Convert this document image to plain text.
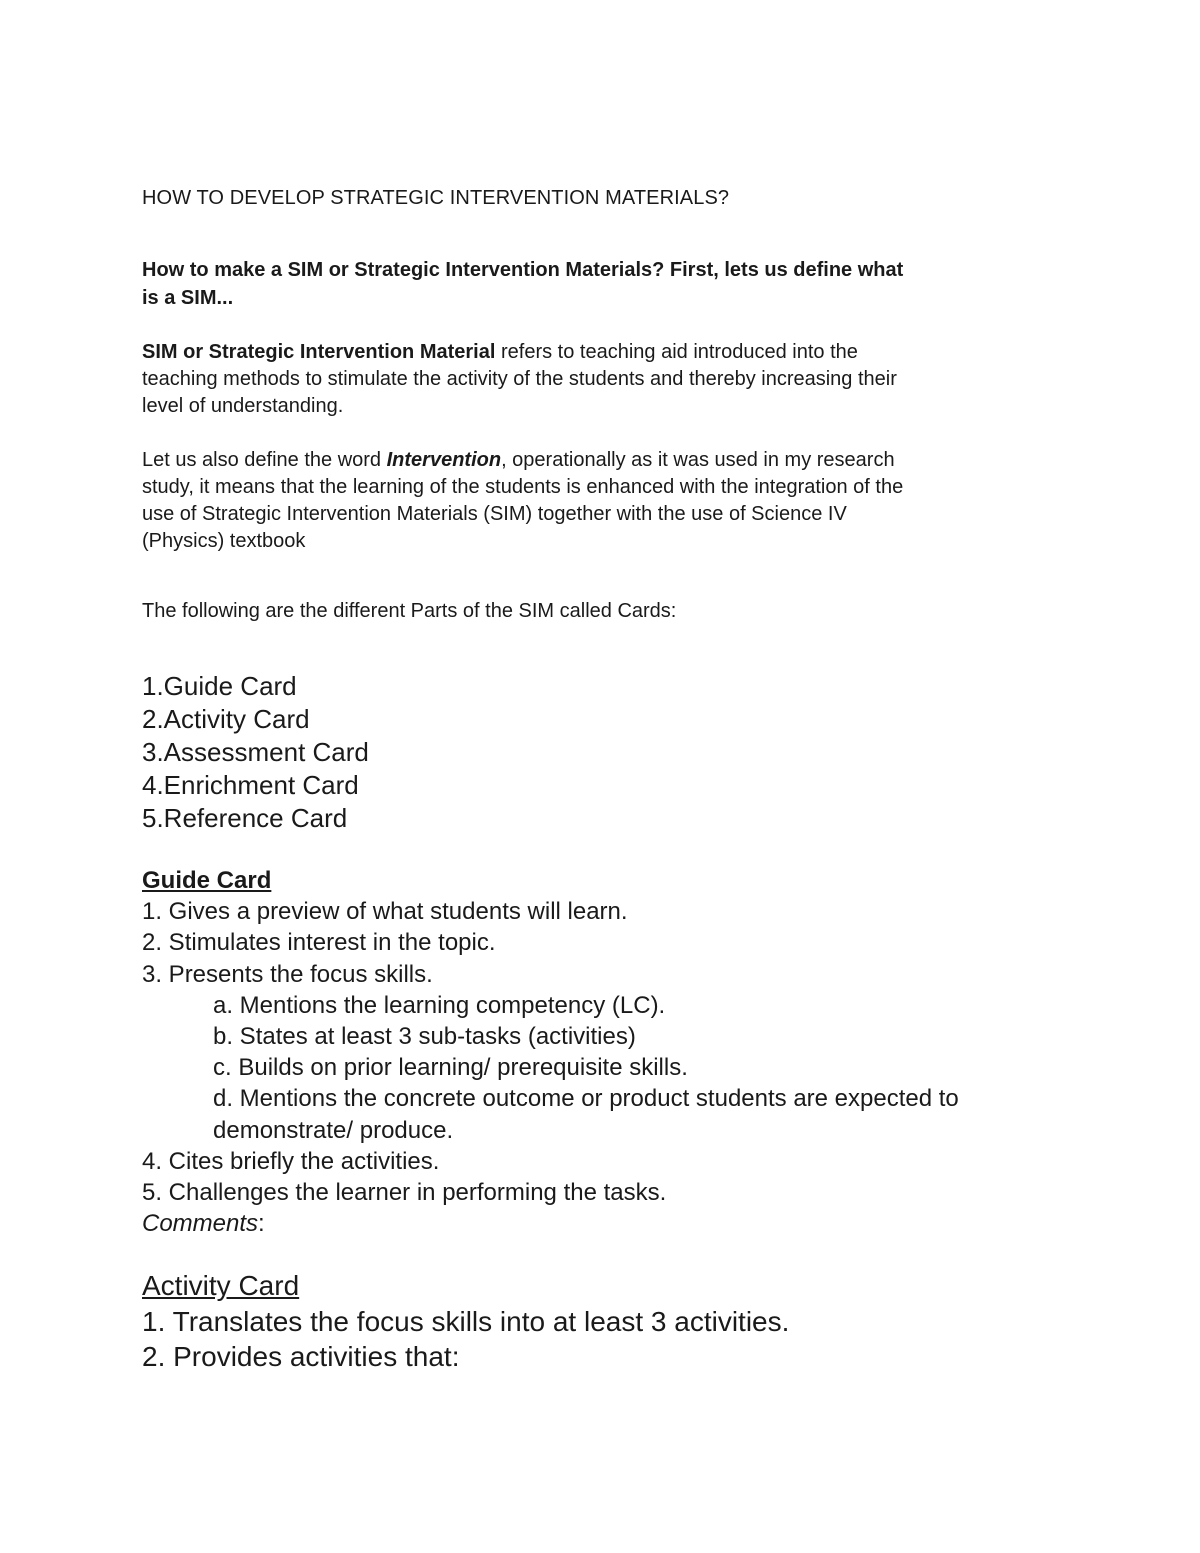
HOW TO DEVELOP STRATEGIC INTERVENTION MATERIALS?
How to make a SIM or Strategic Intervention Materials? First, lets us define what
is a SIM...
SIM or Strategic Intervention Material refers to teaching aid introduced into the
teaching methods to stimulate the activity of the students and thereby increasing their
level of understanding.
Let us also define the word Intervention, operationally as it was used in my research
study, it means that the learning of the students is enhanced with the integration of the
use of Strategic Intervention Materials (SIM) together with the use of Science IV
(Physics) textbook
The following are the different Parts of the SIM called Cards:
1.Guide Card
2.Activity Card
3.Assessment Card
4.Enrichment Card
5.Reference Card
Guide Card
1. Gives a preview of what students will learn.
2. Stimulates interest in the topic.
3. Presents the focus skills.
a. Mentions the learning competency (LC).
b. States at least 3 sub-tasks (activities)
c. Builds on prior learning/ prerequisite skills.
d. Mentions the concrete outcome or product students are expected to
demonstrate/ produce.
4. Cites briefly the activities.
5. Challenges the learner in performing the tasks.
Comments:
Activity Card
1. Translates the focus skills into at least 3 activities.
2. Provides activities that:
